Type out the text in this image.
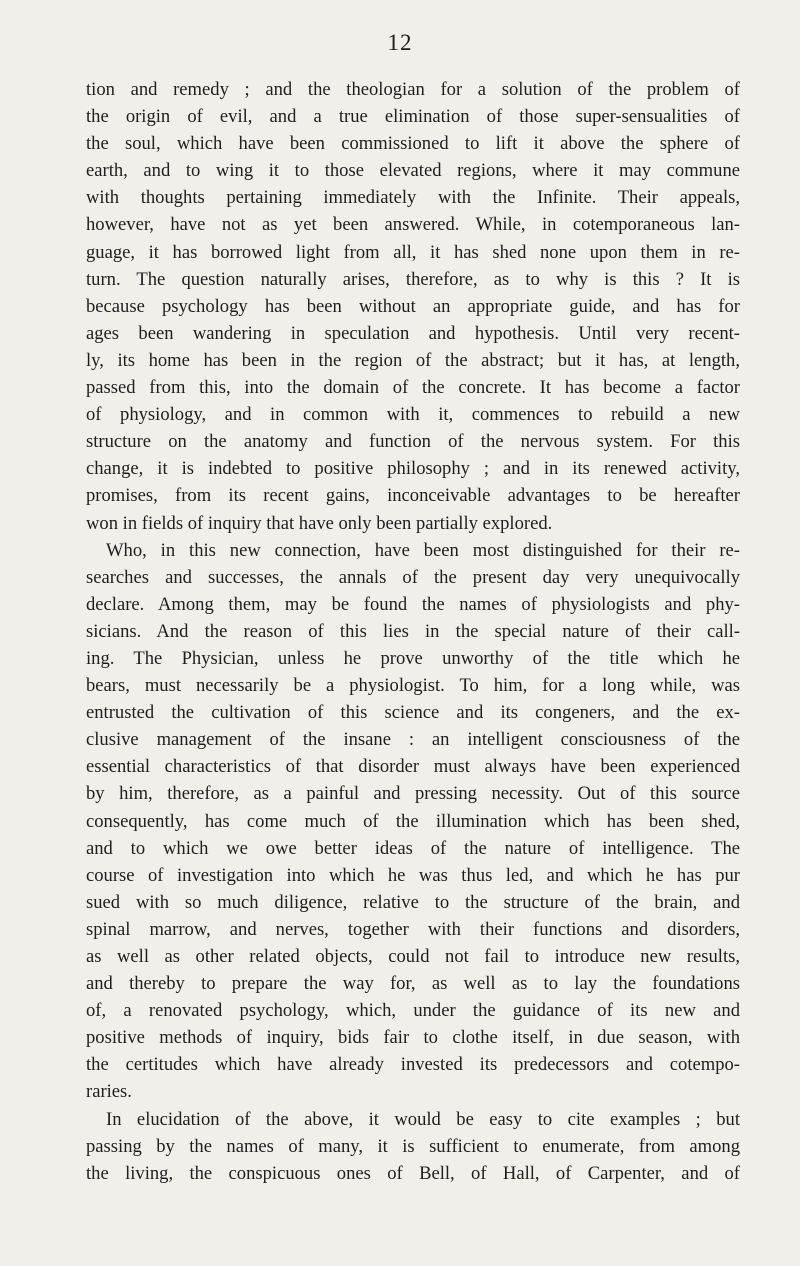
12
tion and remedy ; and the theologian for a solution of the problem of
the origin of evil, and a true elimination of those super-sensualities of
the soul, which have been commissioned to lift it above the sphere of
earth, and to wing it to those elevated regions, where it may commune
with thoughts pertaining immediately with the Infinite. Their appeals,
however, have not as yet been answered. While, in cotemporaneous lan-
guage, it has borrowed light from all, it has shed none upon them in re-
turn. The question naturally arises, therefore, as to why is this ? It is
because psychology has been without an appropriate guide, and has for
ages been wandering in speculation and hypothesis. Until very recent-
ly, its home has been in the region of the abstract; but it has, at length,
passed from this, into the domain of the concrete. It has become a factor
of physiology, and in common with it, commences to rebuild a new
structure on the anatomy and function of the nervous system. For this
change, it is indebted to positive philosophy ; and in its renewed activity,
promises, from its recent gains, inconceivable advantages to be hereafter
won in fields of inquiry that have only been partially explored.
Who, in this new connection, have been most distinguished for their re-
searches and successes, the annals of the present day very unequivocally
declare. Among them, may be found the names of physiologists and phy-
sicians. And the reason of this lies in the special nature of their call-
ing. The Physician, unless he prove unworthy of the title which he
bears, must necessarily be a physiologist. To him, for a long while, was
entrusted the cultivation of this science and its congeners, and the ex-
clusive management of the insane : an intelligent consciousness of the
essential characteristics of that disorder must always have been experienced
by him, therefore, as a painful and pressing necessity. Out of this source
consequently, has come much of the illumination which has been shed,
and to which we owe better ideas of the nature of intelligence. The
course of investigation into which he was thus led, and which he has pur
sued with so much diligence, relative to the structure of the brain, and
spinal marrow, and nerves, together with their functions and disorders,
as well as other related objects, could not fail to introduce new results,
and thereby to prepare the way for, as well as to lay the foundations
of, a renovated psychology, which, under the guidance of its new and
positive methods of inquiry, bids fair to clothe itself, in due season, with
the certitudes which have already invested its predecessors and cotempo-
raries.
In elucidation of the above, it would be easy to cite examples ; but
passing by the names of many, it is sufficient to enumerate, from among
the living, the conspicuous ones of Bell, of Hall, of Carpenter, and of
